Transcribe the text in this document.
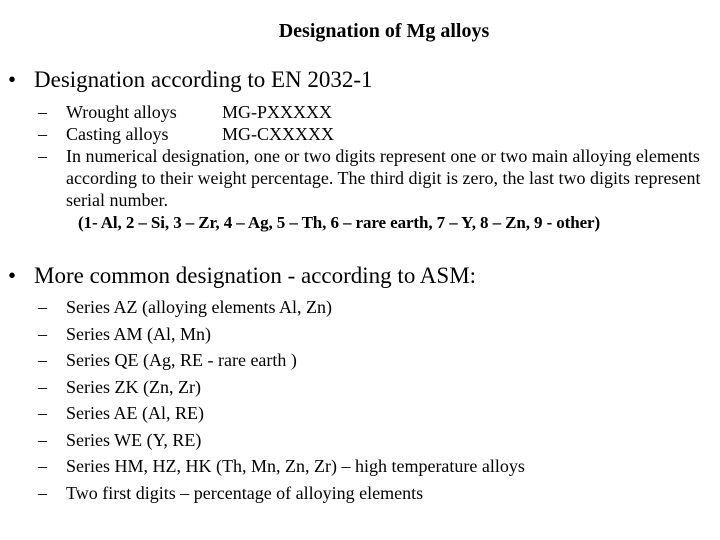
Designation of Mg alloys
• Designation according to EN 2032-1
–	Wrought alloys	MG-PXXXXX
–	Casting alloys	MG-CXXXXX
–	In numerical designation, one or two digits represent one or two main alloying elements according to their weight percentage. The third digit is zero, the last two digits represent serial number.
(1- Al, 2 – Si, 3 – Zr, 4 – Ag, 5 – Th, 6 – rare earth, 7 – Y, 8 – Zn, 9 - other)
• More common designation - according to ASM:
–	Series AZ (alloying elements Al, Zn)
–	Series AM (Al, Mn)
–	Series QE (Ag, RE - rare earth )
–	Series ZK (Zn, Zr)
–	Series AE (Al, RE)
–	Series WE (Y, RE)
–	Series HM, HZ, HK (Th, Mn, Zn, Zr) – high temperature alloys
–	Two first digits – percentage of alloying elements
